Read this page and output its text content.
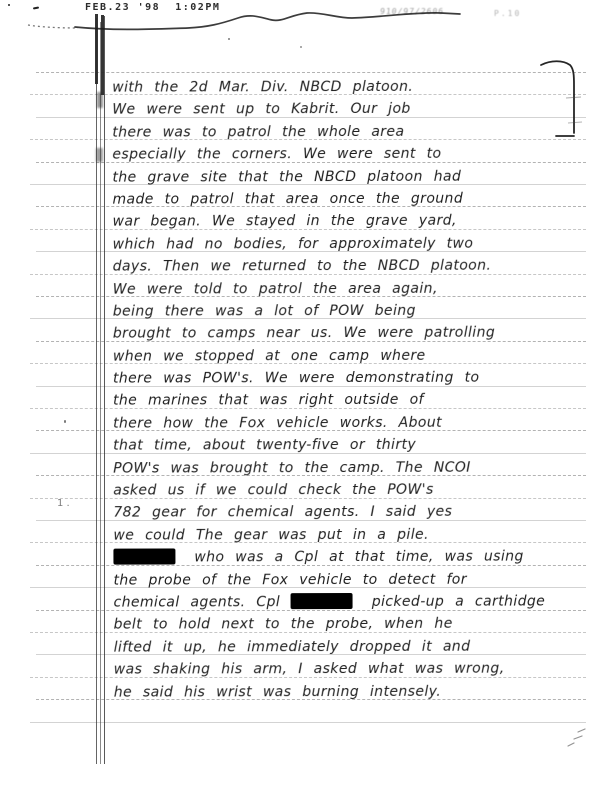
FEB.23 '98  1:02PM	910/97/2606	P.10
1 .
with the 2d Mar. Div. NBCD platoon.
We were sent up to Kabrit. Our job
there was to patrol the whole area
especially the corners. We were sent to
the grave site that the NBCD platoon had
made to patrol that area once the ground
war began. We stayed in the grave yard,
which had no bodies, for approximately two
days. Then we returned to the NBCD platoon.
We were told to patrol the area again,
being there was a lot of POW being
brought to camps near us. We were patrolling
when we stopped at one camp where
there was POW's. We were demonstrating to
the marines that was right outside of
there how the Fox vehicle works. About
that time, about twenty-five or thirty
POW's was brought to the camp. The NCOI
asked us if we could check the POW's
782 gear for chemical agents. I said yes
we could The gear was put in a pile.
who was a Cpl at that time, was using
the probe of the Fox vehicle to detect for
chemical agents. Cpl	picked-up a carthidge
belt to hold next to the probe, when he
lifted it up, he immediately dropped it and
was shaking his arm, I asked what was wrong,
he said his wrist was burning intensely.
